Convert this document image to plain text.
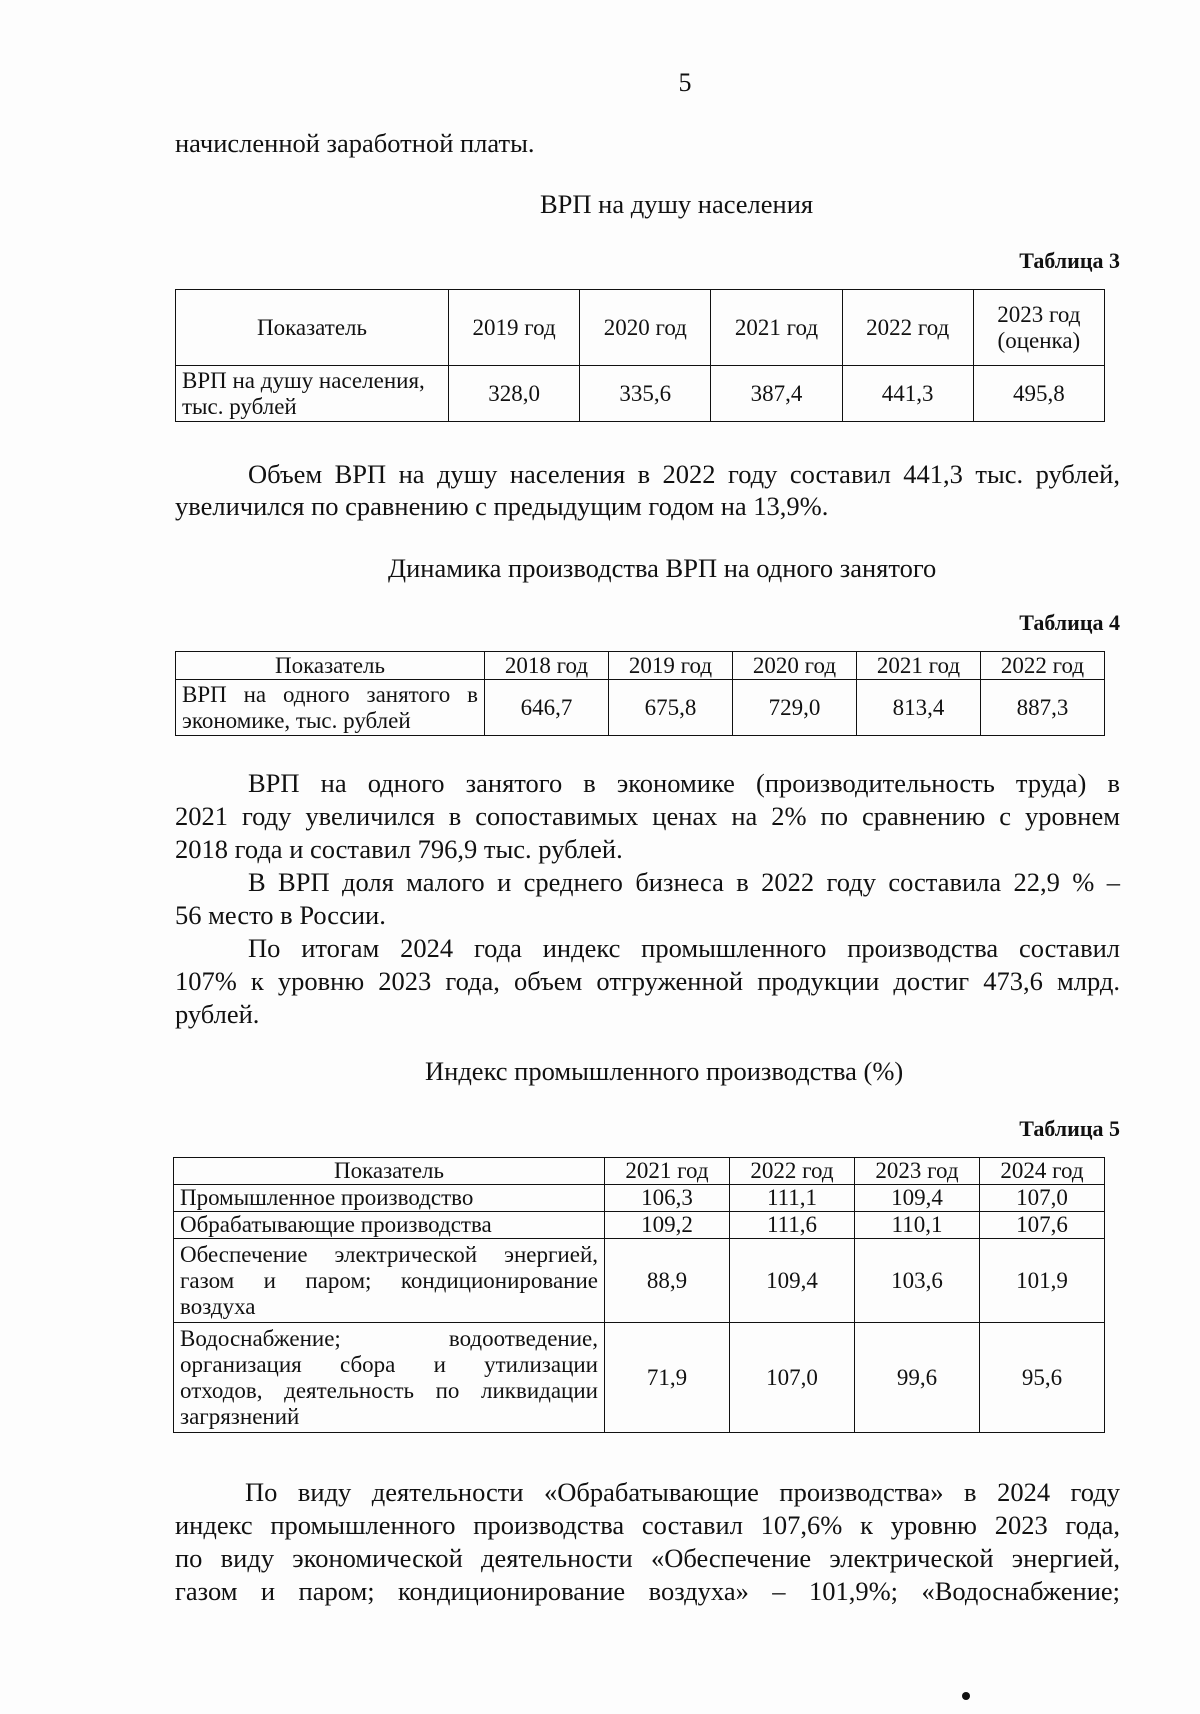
5
начисленной заработной платы.
ВРП на душу населения
Таблица 3
Показатель	2019 год	2020 год	2021 год	2022 год	2023 год
(оценка)
ВРП на душу населения,
тыс. рублей	328,0	335,6	387,4	441,3	495,8
Объем ВРП на душу населения в 2022 году составил 441,3 тыс. рублей,
увеличился по сравнению с предыдущим годом на 13,9%.
Динамика производства ВРП на одного занятого
Таблица 4
Показатель	2018 год	2019 год	2020 год	2021 год	2022 год

ВРП на одного занятого в
экономике, тыс. рублей	646,7	675,8	729,0	813,4	887,3
ВРП на одного занятого в экономике (производительность труда) в
2021 году увеличился в сопоставимых ценах на 2% по сравнению с уровнем
2018 года и составил 796,9 тыс. рублей.
В ВРП доля малого и среднего бизнеса в 2022 году составила 22,9 % –
56 место в России.
По итогам 2024 года индекс промышленного производства составил
107% к уровню 2023 года, объем отгруженной продукции достиг 473,6 млрд.
рублей.
Индекс промышленного производства (%)
Таблица 5
Показатель	2021 год	2022 год	2023 год	2024 год
Промышленное производство	106,3	111,1	109,4	107,0
Обрабатывающие производства	109,2	111,6	110,1	107,6

Обеспечение электрической энергией,
газом и паром; кондиционирование
воздуха	88,9	109,4	103,6	101,9

Водоснабжение; водоотведение,
организация сбора и утилизации
отходов, деятельность по ликвидации
загрязнений	71,9	107,0	99,6	95,6
По виду деятельности «Обрабатывающие производства» в 2024 году
индекс промышленного производства составил 107,6% к уровню 2023 года,
по виду экономической деятельности «Обеспечение электрической энергией,
газом и паром; кондиционирование воздуха» – 101,9%; «Водоснабжение;
